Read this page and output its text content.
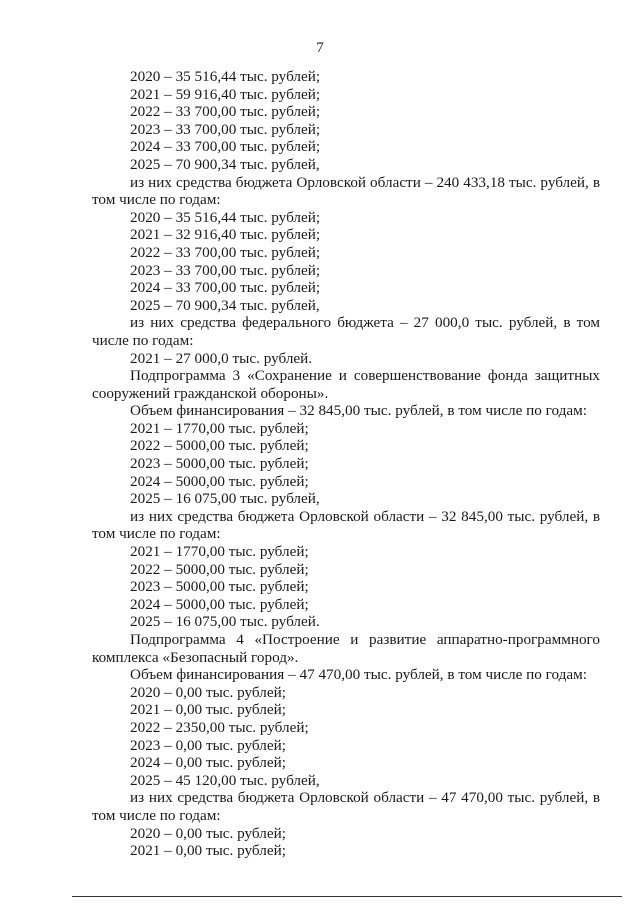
7

2020 – 35 516,44 тыс. рублей;

2021 – 59 916,40 тыс. рублей;

2022 – 33 700,00 тыс. рублей;

2023 – 33 700,00 тыс. рублей;

2024 – 33 700,00 тыс. рублей;

2025 – 70 900,34 тыс. рублей,

из них средства бюджета Орловской области – 240 433,18 тыс. рублей, в том числе по годам:

2020 – 35 516,44 тыс. рублей;

2021 – 32 916,40 тыс. рублей;

2022 – 33 700,00 тыс. рублей;

2023 – 33 700,00 тыс. рублей;

2024 – 33 700,00 тыс. рублей;

2025 – 70 900,34 тыс. рублей,

из них средства федерального бюджета – 27 000,0 тыс. рублей, в том числе по годам:

2021 – 27 000,0 тыс. рублей.

Подпрограмма 3 «Сохранение и совершенствование фонда защитных сооружений гражданской обороны».

Объем финансирования – 32 845,00 тыс. рублей, в том числе по годам:

2021 – 1770,00 тыс. рублей;

2022 – 5000,00 тыс. рублей;

2023 – 5000,00 тыс. рублей;

2024 – 5000,00 тыс. рублей;

2025 – 16 075,00 тыс. рублей,

из них средства бюджета Орловской области – 32 845,00 тыс. рублей, в том числе по годам:

2021 – 1770,00 тыс. рублей;

2022 – 5000,00 тыс. рублей;

2023 – 5000,00 тыс. рублей;

2024 – 5000,00 тыс. рублей;

2025 – 16 075,00 тыс. рублей.

Подпрограмма 4 «Построение и развитие аппаратно-программного комплекса «Безопасный город».

Объем финансирования – 47 470,00 тыс. рублей, в том числе по годам:

2020 – 0,00 тыс. рублей;

2021 – 0,00 тыс. рублей;

2022 – 2350,00 тыс. рублей;

2023 – 0,00 тыс. рублей;

2024 – 0,00 тыс. рублей;

2025 – 45 120,00 тыс. рублей,

из них средства бюджета Орловской области – 47 470,00 тыс. рублей, в том числе по годам:

2020 – 0,00 тыс. рублей;

2021 – 0,00 тыс. рублей;
